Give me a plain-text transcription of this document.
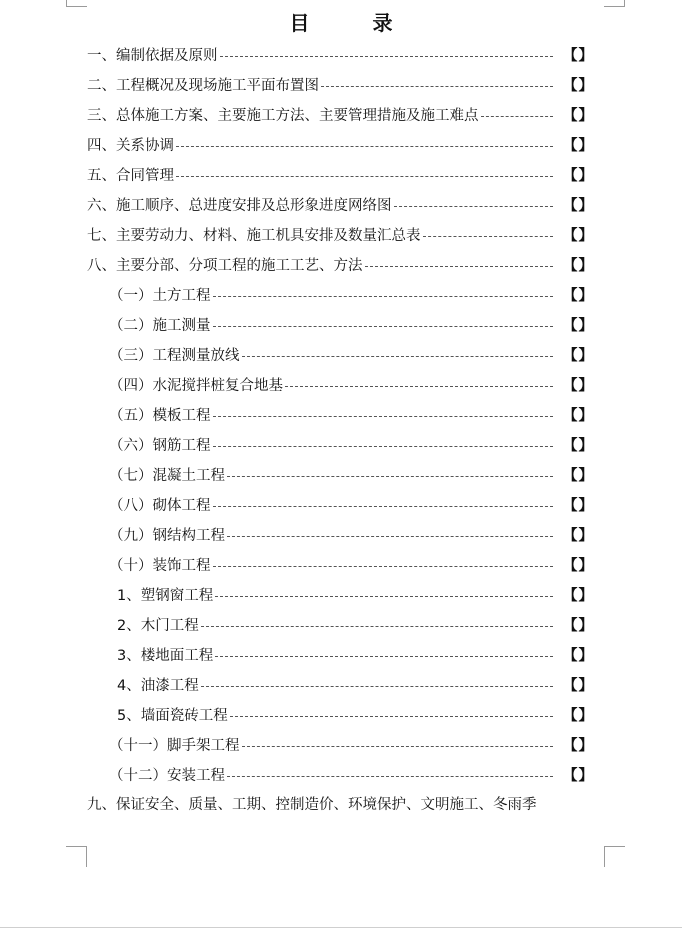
目 录
一、编制依据及原则	【】
二、工程概况及现场施工平面布置图	【】
三、总体施工方案、主要施工方法、主要管理措施及施工难点	【】
四、关系协调	【】
五、合同管理	【】
六、施工顺序、总进度安排及总形象进度网络图	【】
七、主要劳动力、材料、施工机具安排及数量汇总表	【】
八、主要分部、分项工程的施工工艺、方法	【】
（一）土方工程	【】
（二）施工测量	【】
（三）工程测量放线	【】
（四）水泥搅拌桩复合地基	【】
（五）模板工程	【】
（六）钢筋工程	【】
（七）混凝土工程	【】
（八）砌体工程	【】
（九）钢结构工程	【】
（十）装饰工程	【】
1、塑钢窗工程	【】
2、木门工程	【】
3、楼地面工程	【】
4、油漆工程	【】
5、墙面瓷砖工程	【】
（十一）脚手架工程	【】
（十二）安装工程	【】
九、保证安全、质量、工期、控制造价、环境保护、文明施工、冬雨季
